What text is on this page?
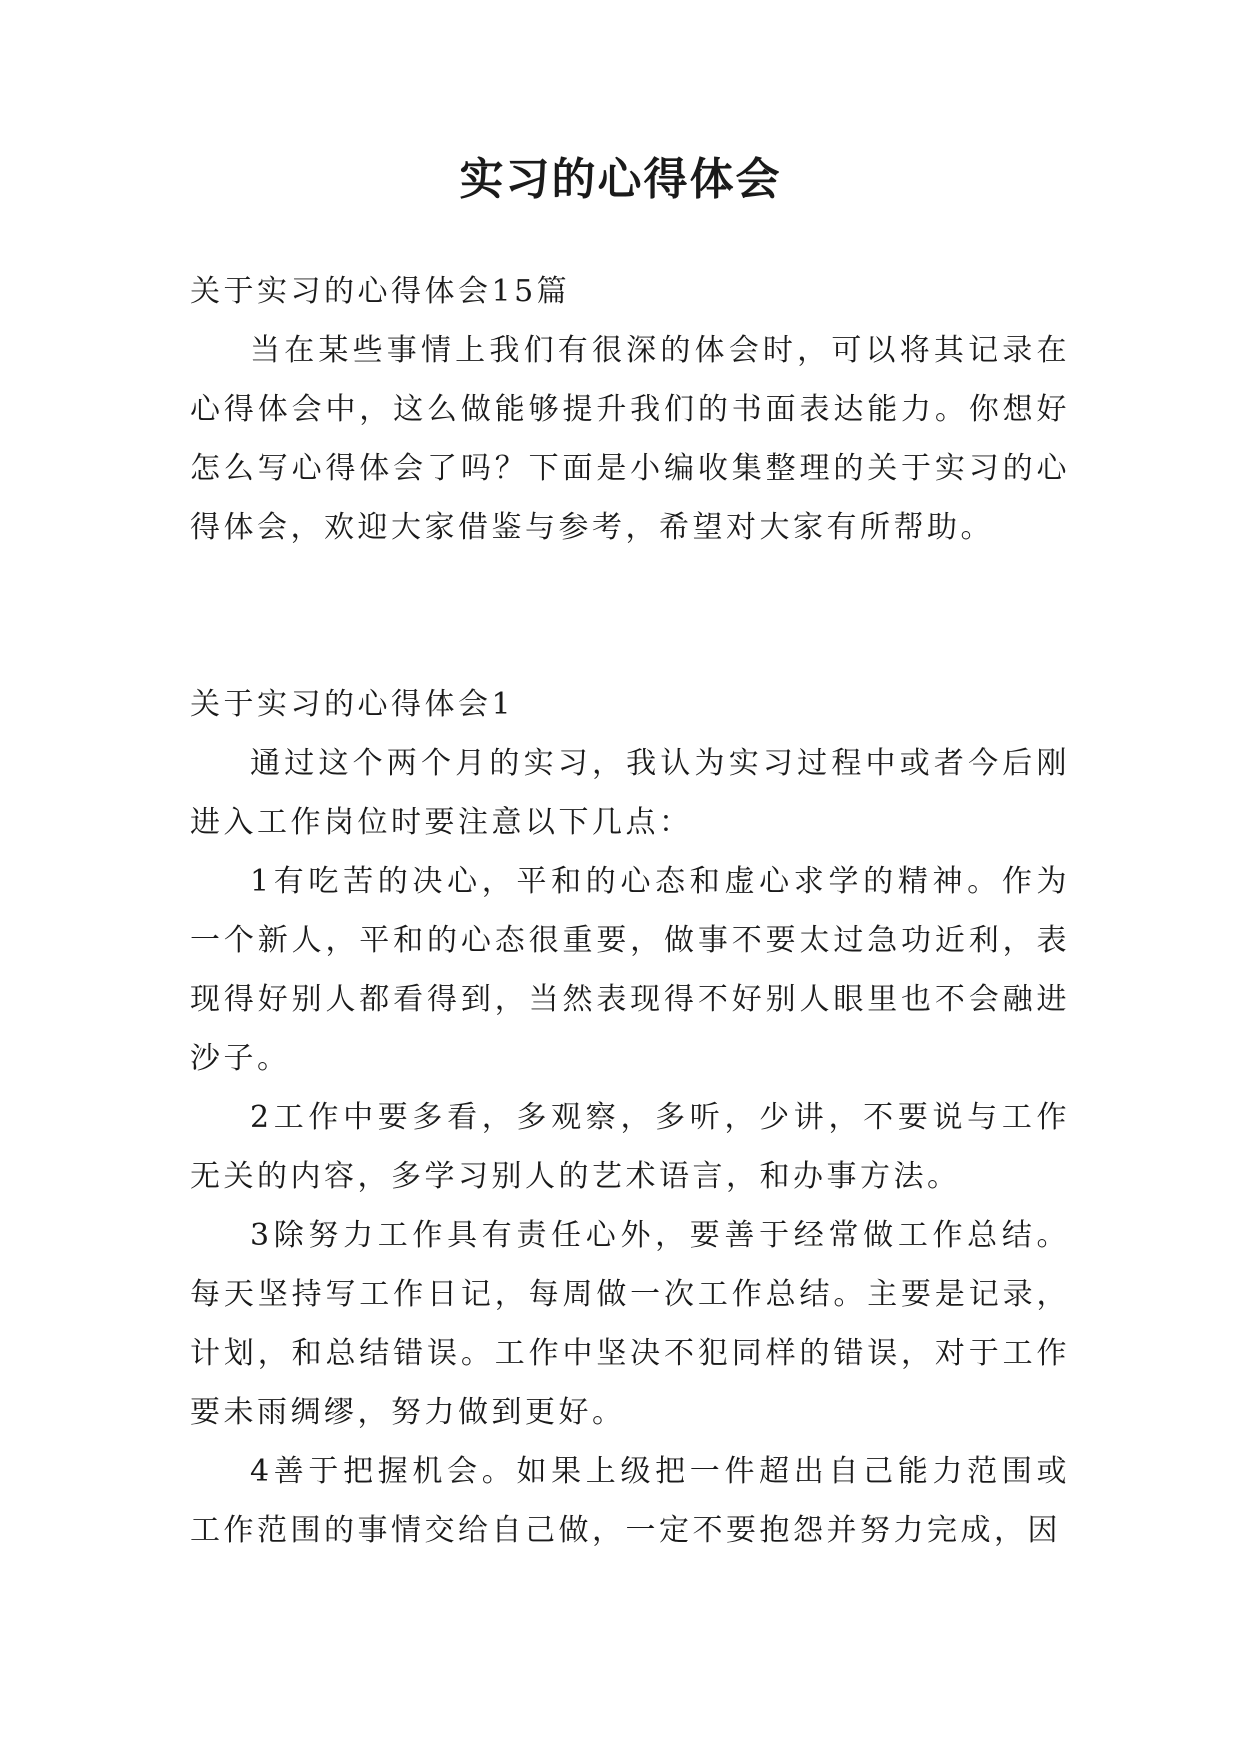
实习的心得体会

关于实习的心得体会15篇

当在某些事情上我们有很深的体会时，可以将其记录在心得体会中，这么做能够提升我们的书面表达能力。你想好怎么写心得体会了吗？下面是小编收集整理的关于实习的心得体会，欢迎大家借鉴与参考，希望对大家有所帮助。

关于实习的心得体会1

通过这个两个月的实习，我认为实习过程中或者今后刚进入工作岗位时要注意以下几点：

1有吃苦的决心，平和的心态和虚心求学的精神。作为一个新人，平和的心态很重要，做事不要太过急功近利，表现得好别人都看得到，当然表现得不好别人眼里也不会融进沙子。

2工作中要多看，多观察，多听，少讲，不要说与工作无关的内容，多学习别人的艺术语言，和办事方法。

3除努力工作具有责任心外，要善于经常做工作总结。每天坚持写工作日记，每周做一次工作总结。主要是记录，计划，和总结错误。工作中坚决不犯同样的错误，对于工作要未雨绸缪，努力做到更好。

4善于把握机会。如果上级把一件超出自己能力范围或工作范围的事情交给自己做，一定不要抱怨并努力完成，因
